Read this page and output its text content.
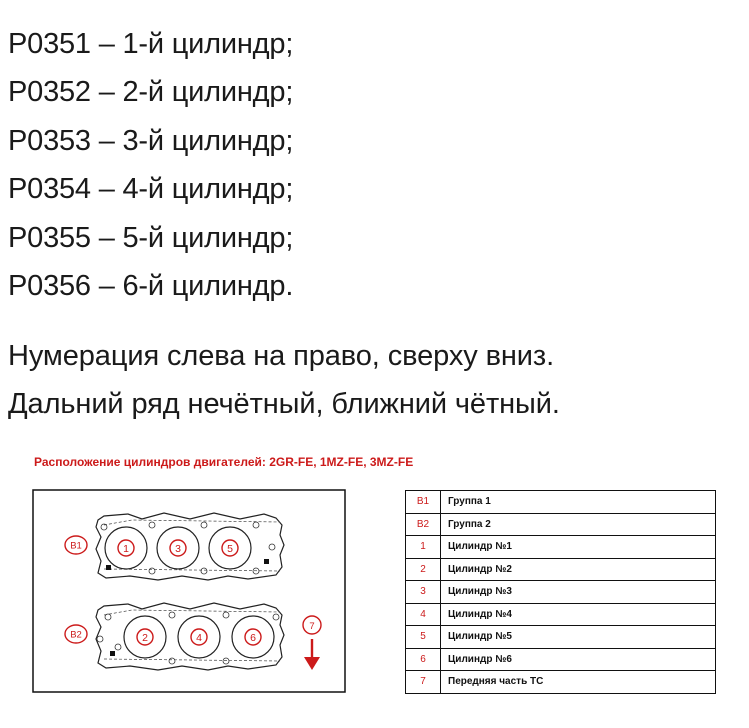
P0351 – 1-й цилиндр;
P0352 – 2-й цилиндр;
P0353 – 3-й цилиндр;
P0354 – 4-й цилиндр;
P0355 – 5-й цилиндр;
P0356 – 6-й цилиндр.
Нумерация слева на право, сверху вниз.
Дальний ряд нечётный, ближний чётный.
Расположение цилиндров двигателей: 2GR-FE, 1MZ-FE, 3MZ-FE
1	3	5
2	4	6
B1
B2
7
B1	Группа 1
B2	Группа 2
1	Цилиндр №1
2	Цилиндр №2
3	Цилиндр №3
4	Цилиндр №4
5	Цилиндр №5
6	Цилиндр №6
7	Передняя часть ТС
